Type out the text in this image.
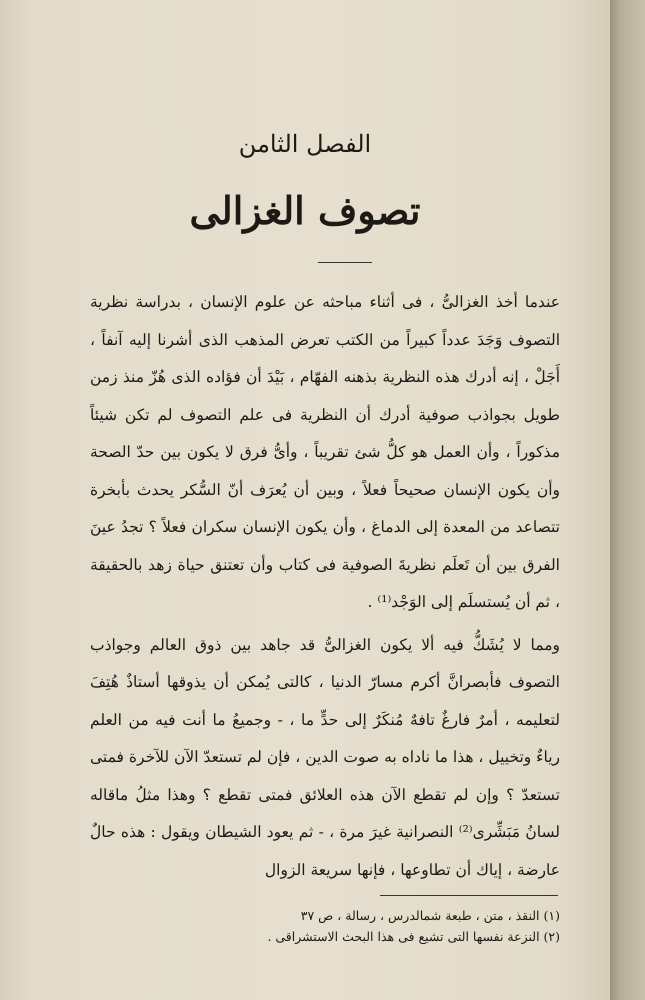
الفصل الثامن
تصوف الغزالى

عندما أخذ الغزالىُّ ، فى أثناء مباحثه عن علوم الإنسان ، بدراسة نظرية التصوف وَجَدَ عدداً كبيراً من الكتب تعرض المذهب الذى أشرنا إليه آنفاً ، أَجَلْ ، إنه أدرك هذه النظرية بذهنه الفهّام ، بَيْدَ أن فؤاده الذى هُزّ منذ زمن طويل بجواذب صوفية أدرك أن النظرية فى علم التصوف لم تكن شيئاً مذكوراً ، وأن العمل هو كلُّ شئ تقريباً ، وأىُّ فرق لا يكون بين حدّ الصحة وأن يكون الإنسان صحيحاً فعلاً ، وبين أن يُعرَف أنّ السُّكر يحدث بأبخرة تتصاعد من المعدة إلى الدماغ ، وأن يكون الإنسان سكران فعلاً ؟ تجدُ عينَ الفرق بين أن تَعلَم نظريةَ الصوفية فى كتاب وأن تعتنق حياة زهد بالحقيقة ، ثم أن يُستسلَم إلى الوَجْد⁽¹⁾ .

ومما لا يُشَكُّ فيه ألا يكون الغزالىُّ قد جاهد بين ذوق العالم وجواذب التصوف فأبصرانَّ أكرم مسارّ الدنيا ، كالتى يُمكن أن يذوقها أستاذٌ هُتِفَ لتعليمه ، أمرٌ فارغٌ تافهٌ مُنكَرٌ إلى حدٍّ ما ، - وجميعُ ما أنت فيه من العلم رياءٌ وتخييل ، هذا ما ناداه به صوت الدين ، فإن لم تستعدّ الآن للآخرة فمتى تستعدّ ؟ وإن لم تقطع الآن هذه العلائق فمتى تقطع ؟ وهذا مثلُ ماقاله لسانُ مَبَشِّرى⁽²⁾ النصرانية غيرَ مرة ، - ثم يعود الشيطان ويقول : هذه حالٌ عارضة ، إياك أن تطاوعها ، فإنها سريعة الزوال

(١) النقذ ، متن ، طبعة شمالدرس ، رسالة ، ص ٣٧
(٢) النزعة نفسها التى تشيع فى هذا البحث الاستشراقى .
